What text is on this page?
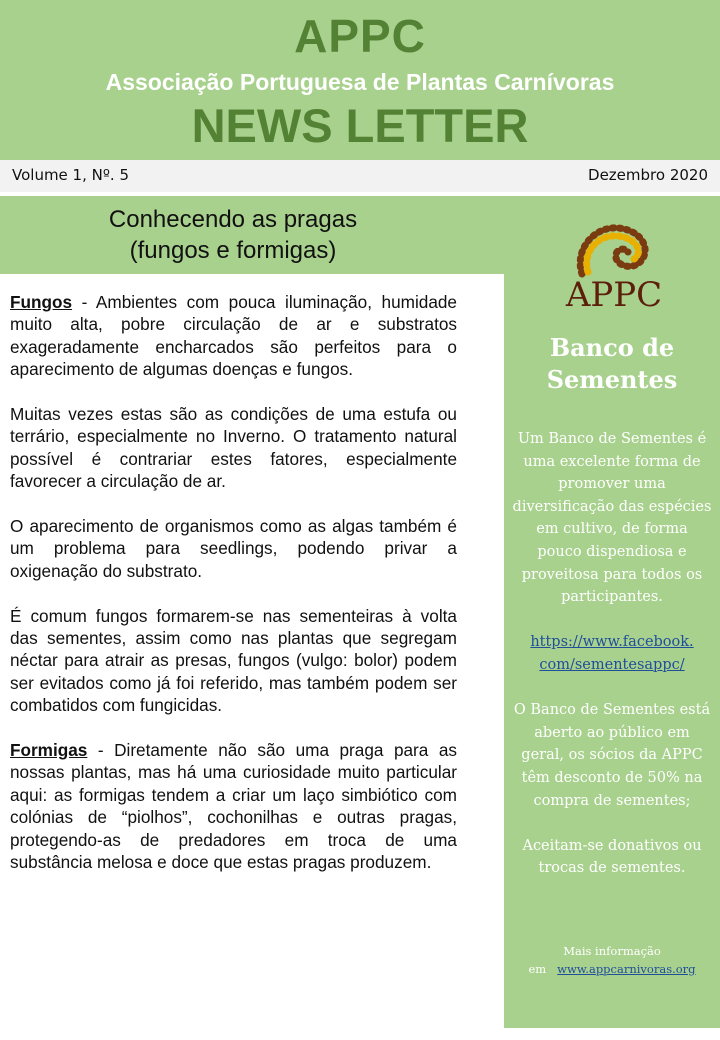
APPC
Associação Portuguesa de Plantas Carnívoras
NEWS LETTER
Volume 1, Nº. 5	Dezembro 2020
Conhecendo as pragas
(fungos e formigas)

Fungos - Ambientes com pouca iluminação, humidade muito alta, pobre circulação de ar e substratos exageradamente encharcados são perfeitos para o aparecimento de algumas doenças e fungos.

Muitas vezes estas são as condições de uma estufa ou terrário, especialmente no Inverno. O tratamento natural possível é contrariar estes fatores, especialmente favorecer a circulação de ar.

O aparecimento de organismos como as algas também é um problema para seedlings, podendo privar a oxigenação do substrato.

É comum fungos formarem-se nas sementeiras à volta das sementes, assim como nas plantas que segregam néctar para atrair as presas, fungos (vulgo: bolor) podem ser evitados como já foi referido, mas também podem ser combatidos com fungicidas.

Formigas - Diretamente não são uma praga para as nossas plantas, mas há uma curiosidade muito particular aqui: as formigas tendem a criar um laço simbiótico com colónias de “piolhos”, cochonilhas e outras pragas, protegendo-as de predadores em troca de uma substância melosa e doce que estas pragas produzem.

APPC
Banco de
Sementes

Um Banco de Sementes é uma excelente forma de promover uma diversificação das espécies em cultivo, de forma pouco dispendiosa e proveitosa para todos os participantes.

https://www.facebook.
com/sementesappc/

O Banco de Sementes está aberto ao público em geral, os sócios da APPC têm desconto de 50% na compra de sementes;

Aceitam-se donativos ou trocas de sementes.

Mais informação
em www.appcarnivoras.org
